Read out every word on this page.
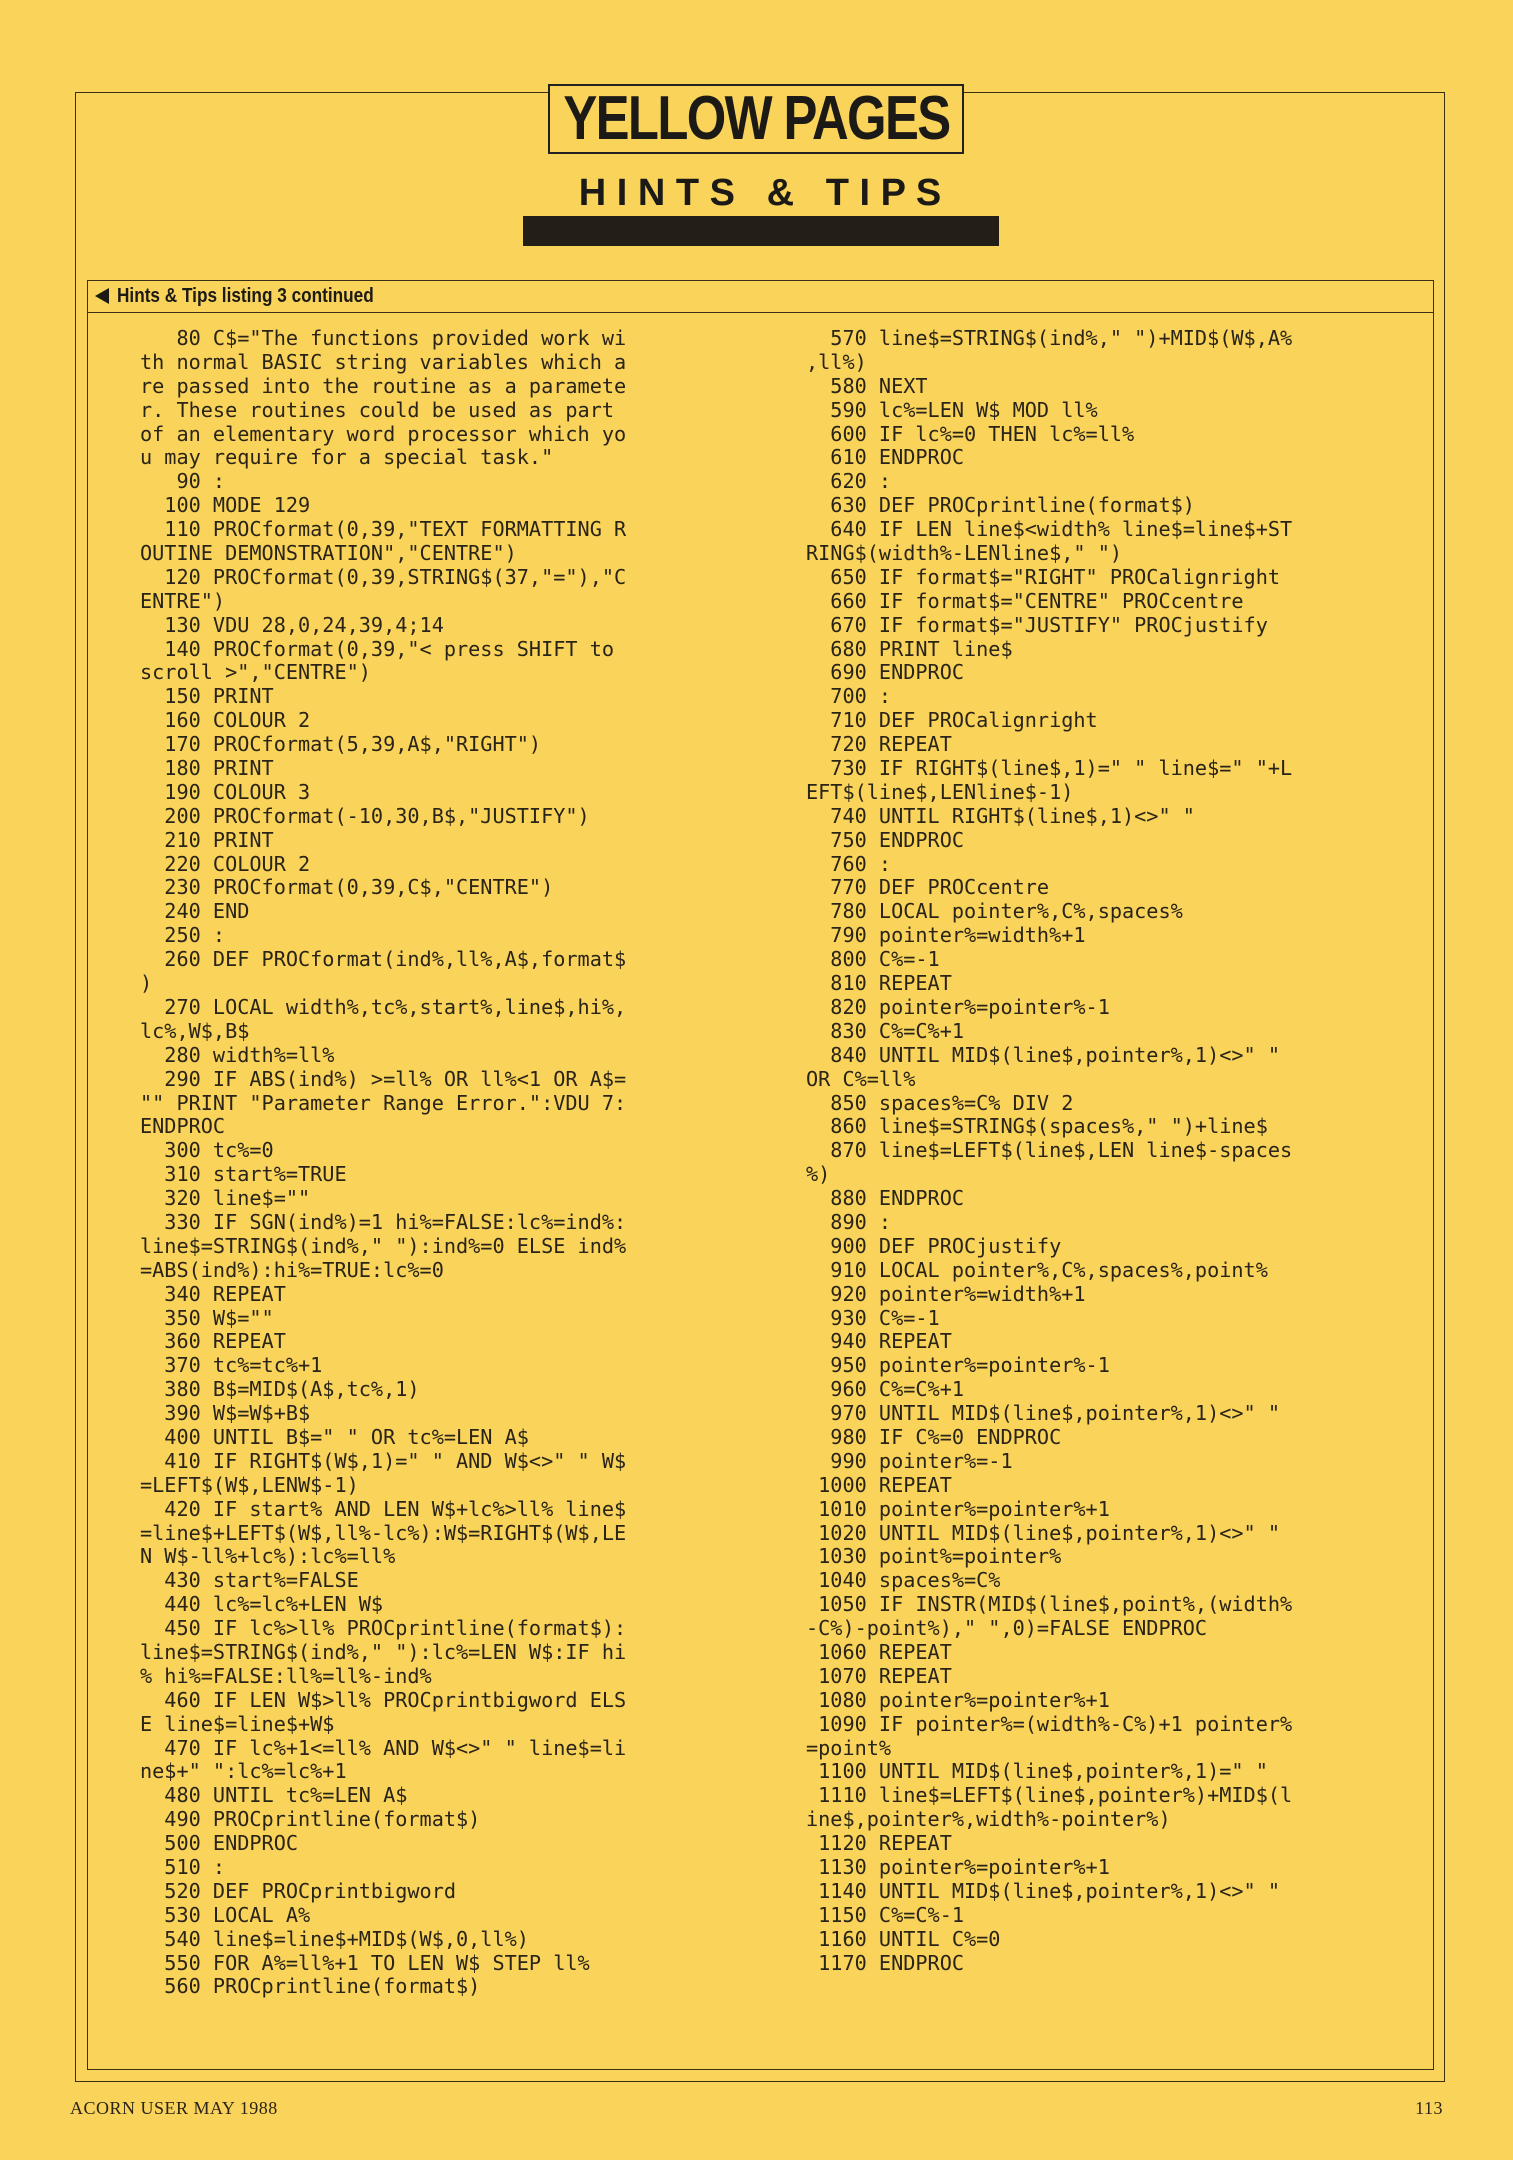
YELLOW PAGES
H I N T S   &   T I P S
Hints & Tips listing 3 continued
80 C$="The functions provided work wi
th normal BASIC string variables which a
re passed into the routine as a paramete
r. These routines could be used as part
of an elementary word processor which yo
u may require for a special task."
90 :
100 MODE 129
110 PROCformat(0,39,"TEXT FORMATTING R
OUTINE DEMONSTRATION","CENTRE")
120 PROCformat(0,39,STRING$(37,"="),"C
ENTRE")
130 VDU 28,0,24,39,4;14
140 PROCformat(0,39,"< press SHIFT to
scroll >","CENTRE")
150 PRINT
160 COLOUR 2
170 PROCformat(5,39,A$,"RIGHT")
180 PRINT
190 COLOUR 3
200 PROCformat(-10,30,B$,"JUSTIFY")
210 PRINT
220 COLOUR 2
230 PROCformat(0,39,C$,"CENTRE")
240 END
250 :
260 DEF PROCformat(ind%,ll%,A$,format$
)
270 LOCAL width%,tc%,start%,line$,hi%,
lc%,W$,B$
280 width%=ll%
290 IF ABS(ind%) >=ll% OR ll%<1 OR A$=
"" PRINT "Parameter Range Error.":VDU 7:
ENDPROC
300 tc%=0
310 start%=TRUE
320 line$=""
330 IF SGN(ind%)=1 hi%=FALSE:lc%=ind%:
line$=STRING$(ind%," "):ind%=0 ELSE ind%
=ABS(ind%):hi%=TRUE:lc%=0
340 REPEAT
350 W$=""
360 REPEAT
370 tc%=tc%+1
380 B$=MID$(A$,tc%,1)
390 W$=W$+B$
400 UNTIL B$=" " OR tc%=LEN A$
410 IF RIGHT$(W$,1)=" " AND W$<>" " W$
=LEFT$(W$,LENW$-1)
420 IF start% AND LEN W$+lc%>ll% line$
=line$+LEFT$(W$,ll%-lc%):W$=RIGHT$(W$,LE
N W$-ll%+lc%):lc%=ll%
430 start%=FALSE
440 lc%=lc%+LEN W$
450 IF lc%>ll% PROCprintline(format$):
line$=STRING$(ind%," "):lc%=LEN W$:IF hi
% hi%=FALSE:ll%=ll%-ind%
460 IF LEN W$>ll% PROCprintbigword ELS
E line$=line$+W$
470 IF lc%+1<=ll% AND W$<>" " line$=li
ne$+" ":lc%=lc%+1
480 UNTIL tc%=LEN A$
490 PROCprintline(format$)
500 ENDPROC
510 :
520 DEF PROCprintbigword
530 LOCAL A%
540 line$=line$+MID$(W$,0,ll%)
550 FOR A%=ll%+1 TO LEN W$ STEP ll%
560 PROCprintline(format$)
570 line$=STRING$(ind%," ")+MID$(W$,A%
,ll%)
580 NEXT
590 lc%=LEN W$ MOD ll%
600 IF lc%=0 THEN lc%=ll%
610 ENDPROC
620 :
630 DEF PROCprintline(format$)
640 IF LEN line$<width% line$=line$+ST
RING$(width%-LENline$," ")
650 IF format$="RIGHT" PROCalignright
660 IF format$="CENTRE" PROCcentre
670 IF format$="JUSTIFY" PROCjustify
680 PRINT line$
690 ENDPROC
700 :
710 DEF PROCalignright
720 REPEAT
730 IF RIGHT$(line$,1)=" " line$=" "+L
EFT$(line$,LENline$-1)
740 UNTIL RIGHT$(line$,1)<>" "
750 ENDPROC
760 :
770 DEF PROCcentre
780 LOCAL pointer%,C%,spaces%
790 pointer%=width%+1
800 C%=-1
810 REPEAT
820 pointer%=pointer%-1
830 C%=C%+1
840 UNTIL MID$(line$,pointer%,1)<>" "
OR C%=ll%
850 spaces%=C% DIV 2
860 line$=STRING$(spaces%," ")+line$
870 line$=LEFT$(line$,LEN line$-spaces
%)
880 ENDPROC
890 :
900 DEF PROCjustify
910 LOCAL pointer%,C%,spaces%,point%
920 pointer%=width%+1
930 C%=-1
940 REPEAT
950 pointer%=pointer%-1
960 C%=C%+1
970 UNTIL MID$(line$,pointer%,1)<>" "
980 IF C%=0 ENDPROC
990 pointer%=-1
1000 REPEAT
1010 pointer%=pointer%+1
1020 UNTIL MID$(line$,pointer%,1)<>" "
1030 point%=pointer%
1040 spaces%=C%
1050 IF INSTR(MID$(line$,point%,(width%
-C%)-point%)," ",0)=FALSE ENDPROC
1060 REPEAT
1070 REPEAT
1080 pointer%=pointer%+1
1090 IF pointer%=(width%-C%)+1 pointer%
=point%
1100 UNTIL MID$(line$,pointer%,1)=" "
1110 line$=LEFT$(line$,pointer%)+MID$(l
ine$,pointer%,width%-pointer%)
1120 REPEAT
1130 pointer%=pointer%+1
1140 UNTIL MID$(line$,pointer%,1)<>" "
1150 C%=C%-1
1160 UNTIL C%=0
1170 ENDPROC
ACORN USER MAY 1988	113
